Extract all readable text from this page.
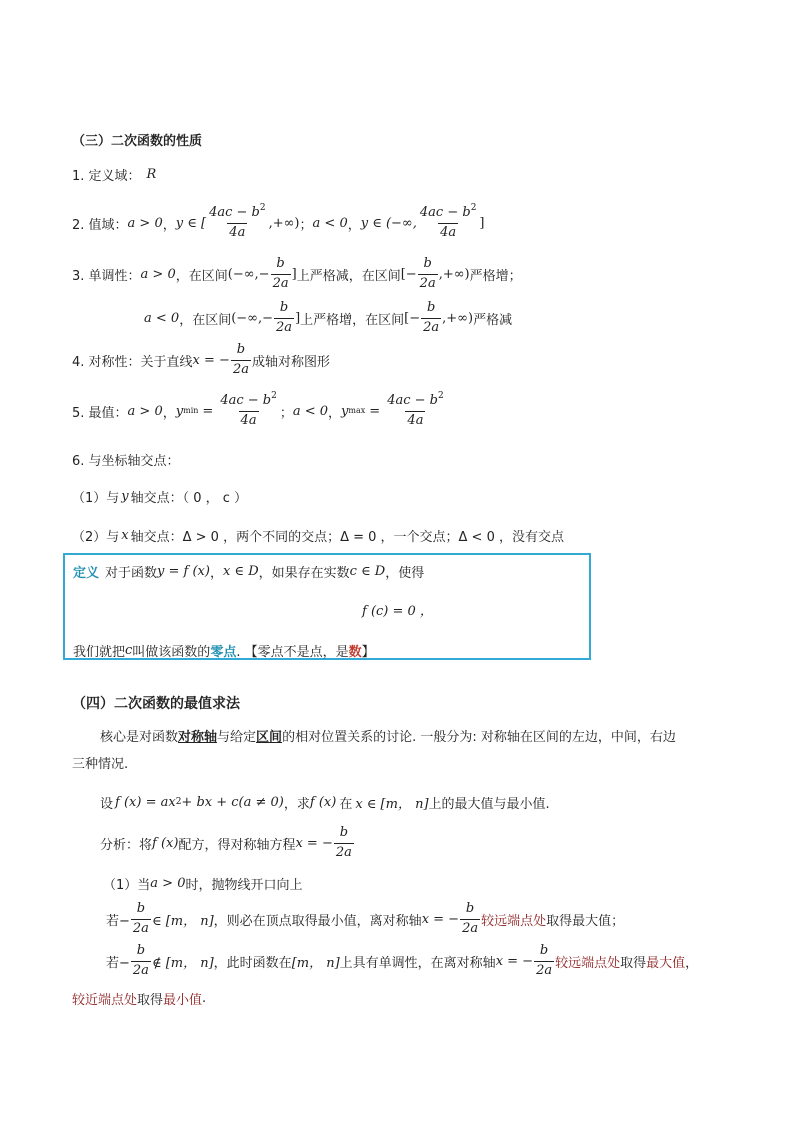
（三）二次函数的性质
1. 定义域： R
2. 值域： a > 0 ， y ∈ [ $\frac{4ac - b^2}{4a}$ ,+∞) ； a < 0 ， y ∈ (−∞, $\frac{4ac - b^2}{4a}$ ]
3. 单调性： a > 0 ，在区间 (−∞,− $\frac{b}{2a}$ ] 上严格减，在区间 [− $\frac{b}{2a}$ ,+∞) 严格增；
a < 0 ，在区间 (−∞,− $\frac{b}{2a}$ ] 上严格增，在区间 [− $\frac{b}{2a}$ ,+∞) 严格减
4. 对称性：关于直线 x = − $\frac{b}{2a}$ 成轴对称图形
5. 最值： a > 0 ， y $\min = \frac{4ac - b^2}{4a}$ ； a < 0 ， y $\max = \frac{4ac - b^2}{4a}$
6. 与坐标轴交点：
（1）与 y 轴交点：（ 0 ， c ）
（2）与 x 轴交点：Δ > 0 ，两个不同的交点；Δ = 0 ，一个交点；Δ < 0 ，没有交点
定义 对于函数 y = f (x) ， x ∈ D ，如果存在实数 c ∈ D ，使得
f (c) = 0 ，
我们就把 c 叫做该函数的 零点 . 【零点不是点，是 数 】
（四）二次函数的最值求法
核心是对函数 对称轴 与给定 区间 的相对位置关系的讨论. 一般分为: 对称轴在区间的左边，中间，右边
三种情况.
设 f (x) = ax 2 + bx + c(a ≠ 0) ，求 f (x) 在 x ∈ [m， n] 上的最大值与最小值.
分析：将 f (x) 配方，得对称轴方程 x = − $\frac{b}{2a}$
（1）当 a > 0 时，抛物线开口向上
若− $\frac{b}{2a}$ ∈ [m， n] ，则必在顶点取得最小值，离对称轴 x = − $\frac{b}{2a}$ 较远端点处 取得最大值；
若− $\frac{b}{2a}$ ∉ [m， n] ，此时函数在 [m， n] 上具有单调性，在离对称轴 x = − $\frac{b}{2a}$ 较远端点处 取得 最大值 ，
较近端点处 取得 最小值 .
